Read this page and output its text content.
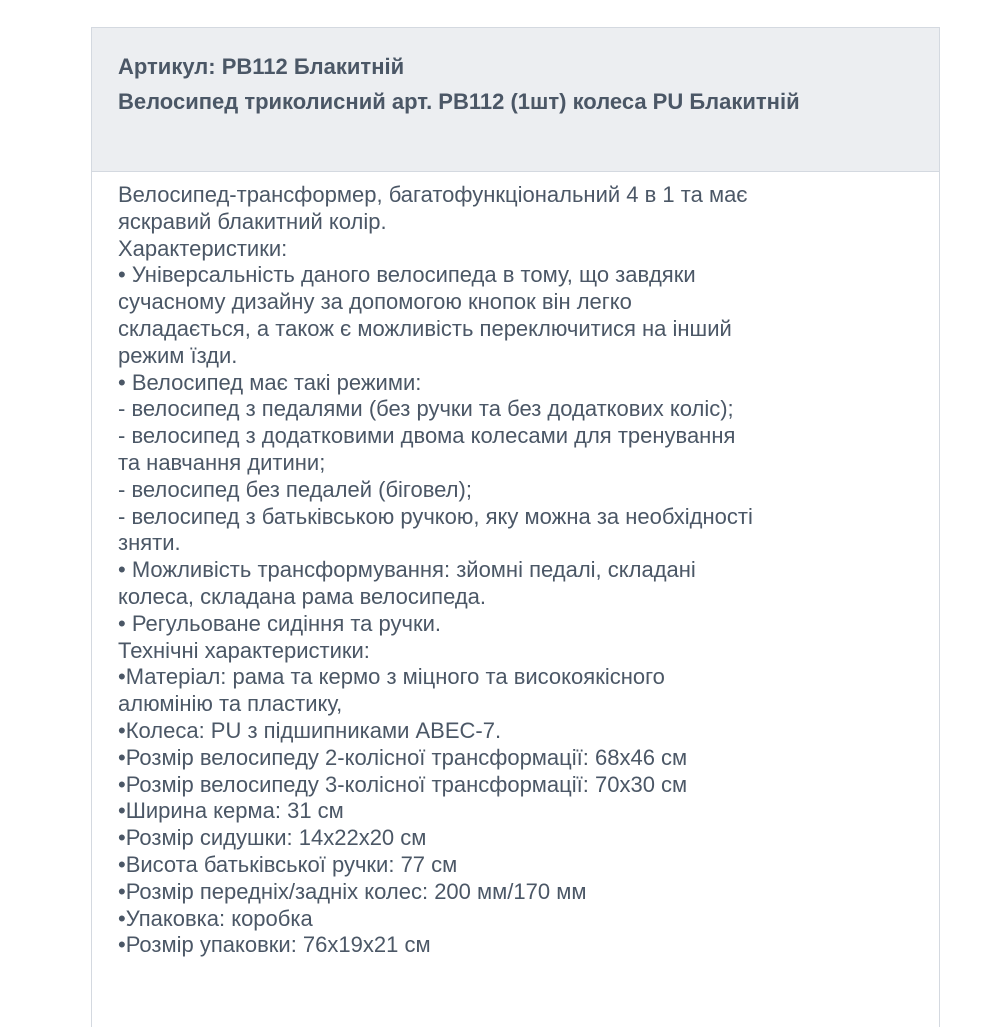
Артикул: PB112 Блакитній
Велосипед триколисний арт. PB112 (1шт) колеса PU Блакитній
Велосипед-трансформер, багатофункціональний 4 в 1 та має
яскравий блакитний колір.
Характеристики:
• Універсальність даного велосипеда в тому, що завдяки
сучасному дизайну за допомогою кнопок він легко
складається, а також є можливість переключитися на інший
режим їзди.
• Велосипед має такі режими:
- велосипед з педалями (без ручки та без додаткових коліс);
- велосипед з додатковими двома колесами для тренування
та навчання дитини;
- велосипед без педалей (біговел);
- велосипед з батьківською ручкою, яку можна за необхідності
зняти.
• Можливість трансформування: зйомні педалі, складані
колеса, складана рама велосипеда.
• Регульоване сидіння та ручки.
Технічні характеристики:
•Матеріал: рама та кермо з міцного та високоякісного
алюмінію та пластику,
•Колеса: PU з підшипниками ABEC-7.
•Розмір велосипеду 2-колісної трансформації: 68х46 см
•Розмір велосипеду 3-колісної трансформації: 70х30 см
•Ширина керма: 31 см
•Розмір сидушки: 14х22х20 см
•Висота батьківської ручки: 77 см
•Розмір передніх/задніх колес: 200 мм/170 мм
•Упаковка: коробка
•Розмір упаковки: 76х19х21 см
